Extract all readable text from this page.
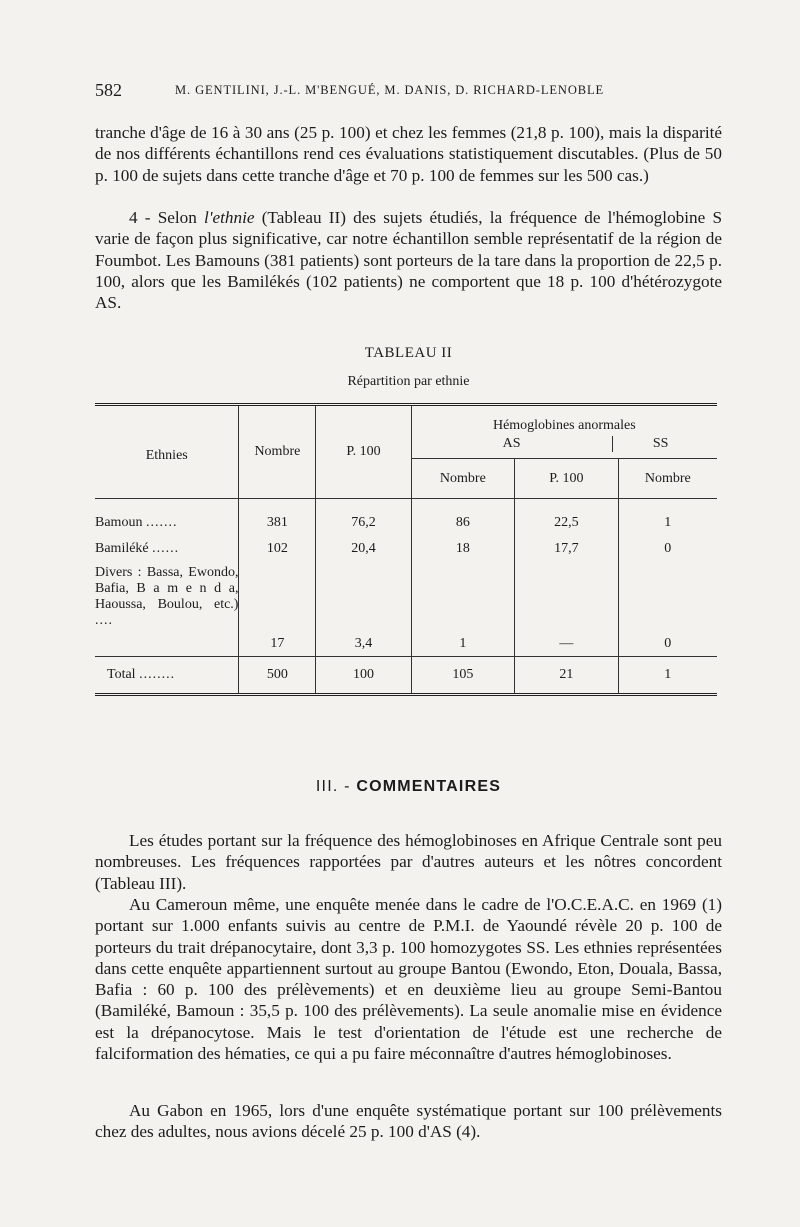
582	M. GENTILINI, J.-L. M'BENGUÉ, M. DANIS, D. RICHARD-LENOBLE

tranche d'âge de 16 à 30 ans (25 p. 100) et chez les femmes (21,8 p. 100), mais la disparité de nos différents échantillons rend ces évaluations statistiquement discutables. (Plus de 50 p. 100 de sujets dans cette tranche d'âge et 70 p. 100 de femmes sur les 500 cas.)

4 - Selon l'ethnie (Tableau II) des sujets étudiés, la fréquence de l'hémoglobine S varie de façon plus significative, car notre échantillon semble représentatif de la région de Foumbot. Les Bamouns (381 patients) sont porteurs de la tare dans la proportion de 22,5 p. 100, alors que les Bamilékés (102 patients) ne comportent que 18 p. 100 d'hétérozygote AS.

TABLEAU II
Répartition par ethnie
Ethnies	Nombre	P. 100	Hémoglobines anormales
AS SS		

			Nombre	P. 100	Nombre
Bamoun .......	381	76,2	86	22,5	1
Bamiléké ......	102	20,4	18	17,7	0
Divers : Bassa, Ewondo, Bafia, B a m e n d a, Haoussa, Boulou, etc.) ....	17	3,4	1	—	0
Total ........	500	100	105	21	1
III. - COMMENTAIRES

Les études portant sur la fréquence des hémoglobinoses en Afrique Centrale sont peu nombreuses. Les fréquences rapportées par d'autres auteurs et les nôtres concordent (Tableau III).

Au Cameroun même, une enquête menée dans le cadre de l'O.C.E.A.C. en 1969 (1) portant sur 1.000 enfants suivis au centre de P.M.I. de Yaoundé révèle 20 p. 100 de porteurs du trait drépanocytaire, dont 3,3 p. 100 homozygotes SS. Les ethnies représentées dans cette enquête appartiennent surtout au groupe Bantou (Ewondo, Eton, Douala, Bassa, Bafia : 60 p. 100 des prélèvements) et en deuxième lieu au groupe Semi-Bantou (Bamiléké, Bamoun : 35,5 p. 100 des prélèvements). La seule anomalie mise en évidence est la drépanocytose. Mais le test d'orientation de l'étude est une recherche de falciformation des hématies, ce qui a pu faire méconnaître d'autres hémoglobinoses.

Au Gabon en 1965, lors d'une enquête systématique portant sur 100 prélèvements chez des adultes, nous avions décelé 25 p. 100 d'AS (4).
